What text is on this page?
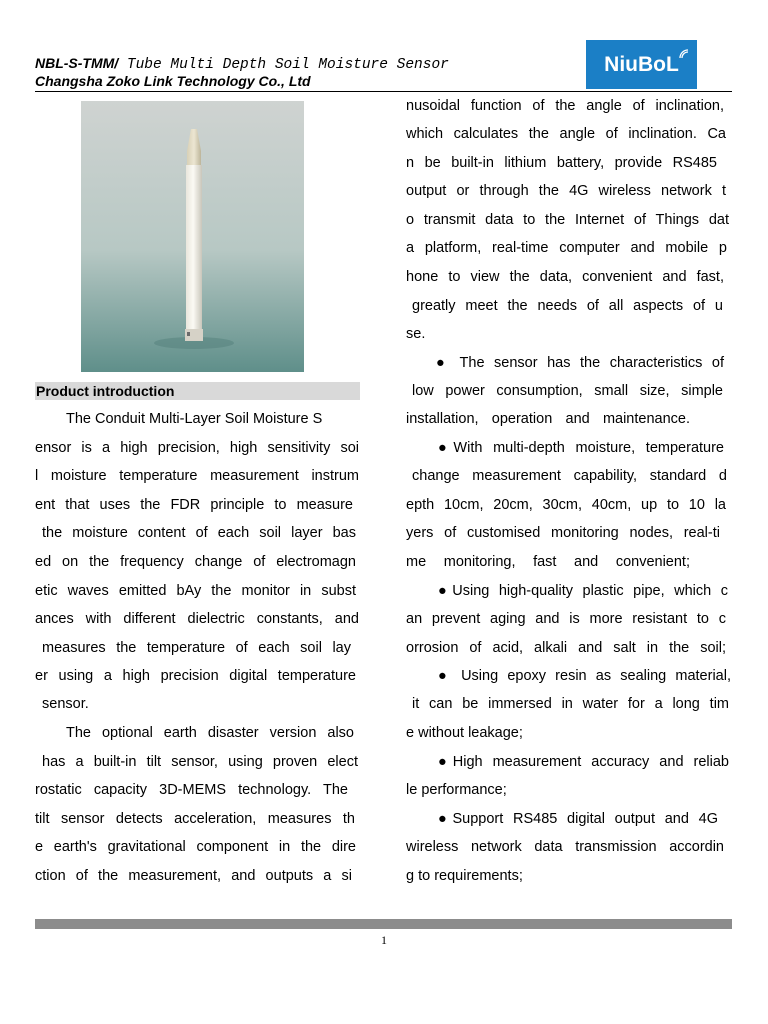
NBL-S-TMM/ Tube Multi Depth Soil Moisture Sensor
Changsha Zoko Link Technology Co., Ltd
NiuBoL
Product introduction
The Conduit Multi-Layer Soil Moisture S
ensor is a high precision, high sensitivity soi
l moisture temperature measurement instrum
ent that uses the FDR principle to measure
the moisture content of each soil layer bas
ed on the frequency change of electromagn
etic waves emitted bAy the monitor in subst
ances with different dielectric constants, and
measures the temperature of each soil lay
er using a high precision digital temperature
sensor.
The optional earth disaster version also
has a built-in tilt sensor, using proven elect
rostatic capacity 3D-MEMS technology. The
tilt sensor detects acceleration, measures th
e earth's gravitational component in the dire
ction of the measurement, and outputs a si
nusoidal function of the angle of inclination,
which calculates the angle of inclination. Ca
n be built-in lithium battery, provide RS485
output or through the 4G wireless network t
o transmit data to the Internet of Things dat
a platform, real-time computer and mobile p
hone to view the data, convenient and fast,
greatly meet the needs of all aspects of u
se.
● The sensor has the characteristics of
low power consumption, small size, simple
installation, operation and maintenance.
●With multi-depth moisture, temperature
change measurement capability, standard d
epth 10cm, 20cm, 30cm, 40cm, up to 10 la
yers of customised monitoring nodes, real-ti
me monitoring, fast and convenient;
●Using high-quality plastic pipe, which c
an prevent aging and is more resistant to c
orrosion of acid, alkali and salt in the soil;
● Using epoxy resin as sealing material,
it can be immersed in water for a long tim
e without leakage;
●High measurement accuracy and reliab
le performance;
●Support RS485 digital output and 4G
wireless network data transmission accordin
g to requirements;
1
